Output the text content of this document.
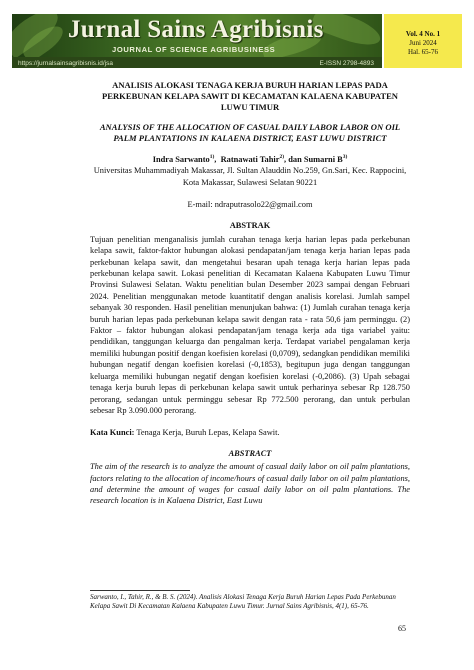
Jurnal Sains Agribisnis
JOURNAL OF SCIENCE AGRIBUSINESS
https://jurnalsainsagribisnis.id/jsa	E-ISSN 2798-4893
Vol. 4 No. 1
Juni 2024
Hal. 65-76

ANALISIS ALOKASI TENAGA KERJA BURUH HARIAN LEPAS PADA PERKEBUNAN KELAPA SAWIT DI KECAMATAN KALAENA KABUPATEN LUWU TIMUR

ANALYSIS OF THE ALLOCATION OF CASUAL DAILY LABOR LABOR ON OIL PALM PLANTATIONS IN KALAENA DISTRICT, EAST LUWU DISTRICT

Indra Sarwanto$^{1)}$,  Ratnawati Tahir$^{2)}$, dan Sumarni $B^{3)}$
Universitas Muhammadiyah Makassar, Jl. Sultan Alauddin No.259, Gn.Sari, Kec. Rappocini, Kota Makassar, Sulawesi Selatan 90221
E-mail: ndraputrasolo22@gmail.com
ABSTRAK

Tujuan penelitian menganalisis jumlah curahan tenaga kerja harian lepas pada perkebunan kelapa sawit, faktor-faktor hubungan alokasi pendapatan/jam tenaga kerja harian lepas pada perkebunan kelapa sawit, dan mengetahui besaran upah tenaga kerja harian lepas pada perkebunan kelapa sawit. Lokasi penelitian di Kecamatan Kalaena Kabupaten Luwu Timur Provinsi Sulawesi Selatan. Waktu penelitian bulan Desember 2023 sampai dengan Februari 2024. Penelitian menggunakan metode kuantitatif dengan analisis korelasi. Jumlah sampel sebanyak 30 responden. Hasil penelitian menunjukan bahwa: (1) Jumlah curahan tenaga kerja buruh harian lepas pada perkebunan kelapa sawit dengan rata - rata 50,6 jam perminggu. (2) Faktor – faktor hubungan alokasi pendapatan/jam tenaga kerja ada tiga variabel yaitu: pendidikan, tanggungan keluarga dan pengalman kerja. Terdapat variabel pengalaman kerja memiliki hubungan positif dengan koefisien korelasi (0,0709), sedangkan pendidikan memiliki hubungan negatif dengan koefisien korelasi (-0,1853), begitupun juga dengan tanggungan keluarga memiliki hubungan negatif dengan koefisien korelasi (-0,2086). (3) Upah sebagai tenaga kerja buruh lepas di perkebunan kelapa sawit untuk perharinya sebesar Rp 128.750 perorang, sedangan untuk perminggu sebesar Rp 772.500 perorang, dan untuk perbulan sebesar Rp 3.090.000 perorang.

Kata Kunci: Tenaga Kerja, Buruh Lepas, Kelapa Sawit.
ABSTRACT

The aim of the research is to analyze the amount of casual daily labor on oil palm plantations, factors relating to the allocation of income/hours of casual daily labor on oil palm plantations, and determine the amount of wages for casual daily labor on oil palm plantations. The research location is in Kalaena District, East Luwu

Sarwanto, I., Tahir, R., & B. S. (2024). Analisis Alokasi Tenaga Kerja Buruh Harian Lepas Pada Perkebunan Kelapa Sawit Di Kecamatan Kalaena Kabupaten Luwu Timur. Jurnal Sains Agribisnis, 4(1), 65-76.
65
